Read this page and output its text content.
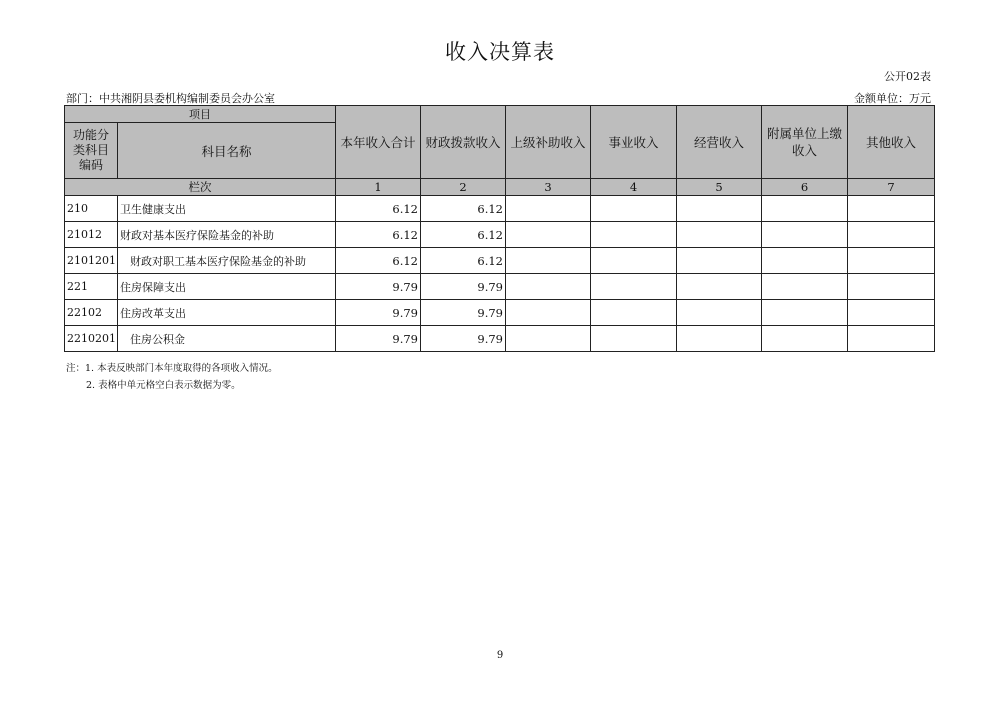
收入决算表
公开02表
部门：中共湘阴县委机构编制委员会办公室	金额单位：万元
项目		本年收入合计	财政拨款收入	上级补助收入	事业收入	经营收入	附属单位上缴收入	其他收入
功能分类科目编码	科目名称							
栏次		1	2	3	4	5	6	7
210	卫生健康支出	6.12	6.12					
21012	财政对基本医疗保险基金的补助	6.12	6.12					
2101201	财政对职工基本医疗保险基金的补助	6.12	6.12					
221	住房保障支出	9.79	9.79					
22102	住房改革支出	9.79	9.79					
2210201	住房公积金	9.79	9.79					
注：1. 本表反映部门本年度取得的各项收入情况。
2. 表格中单元格空白表示数据为零。
9
